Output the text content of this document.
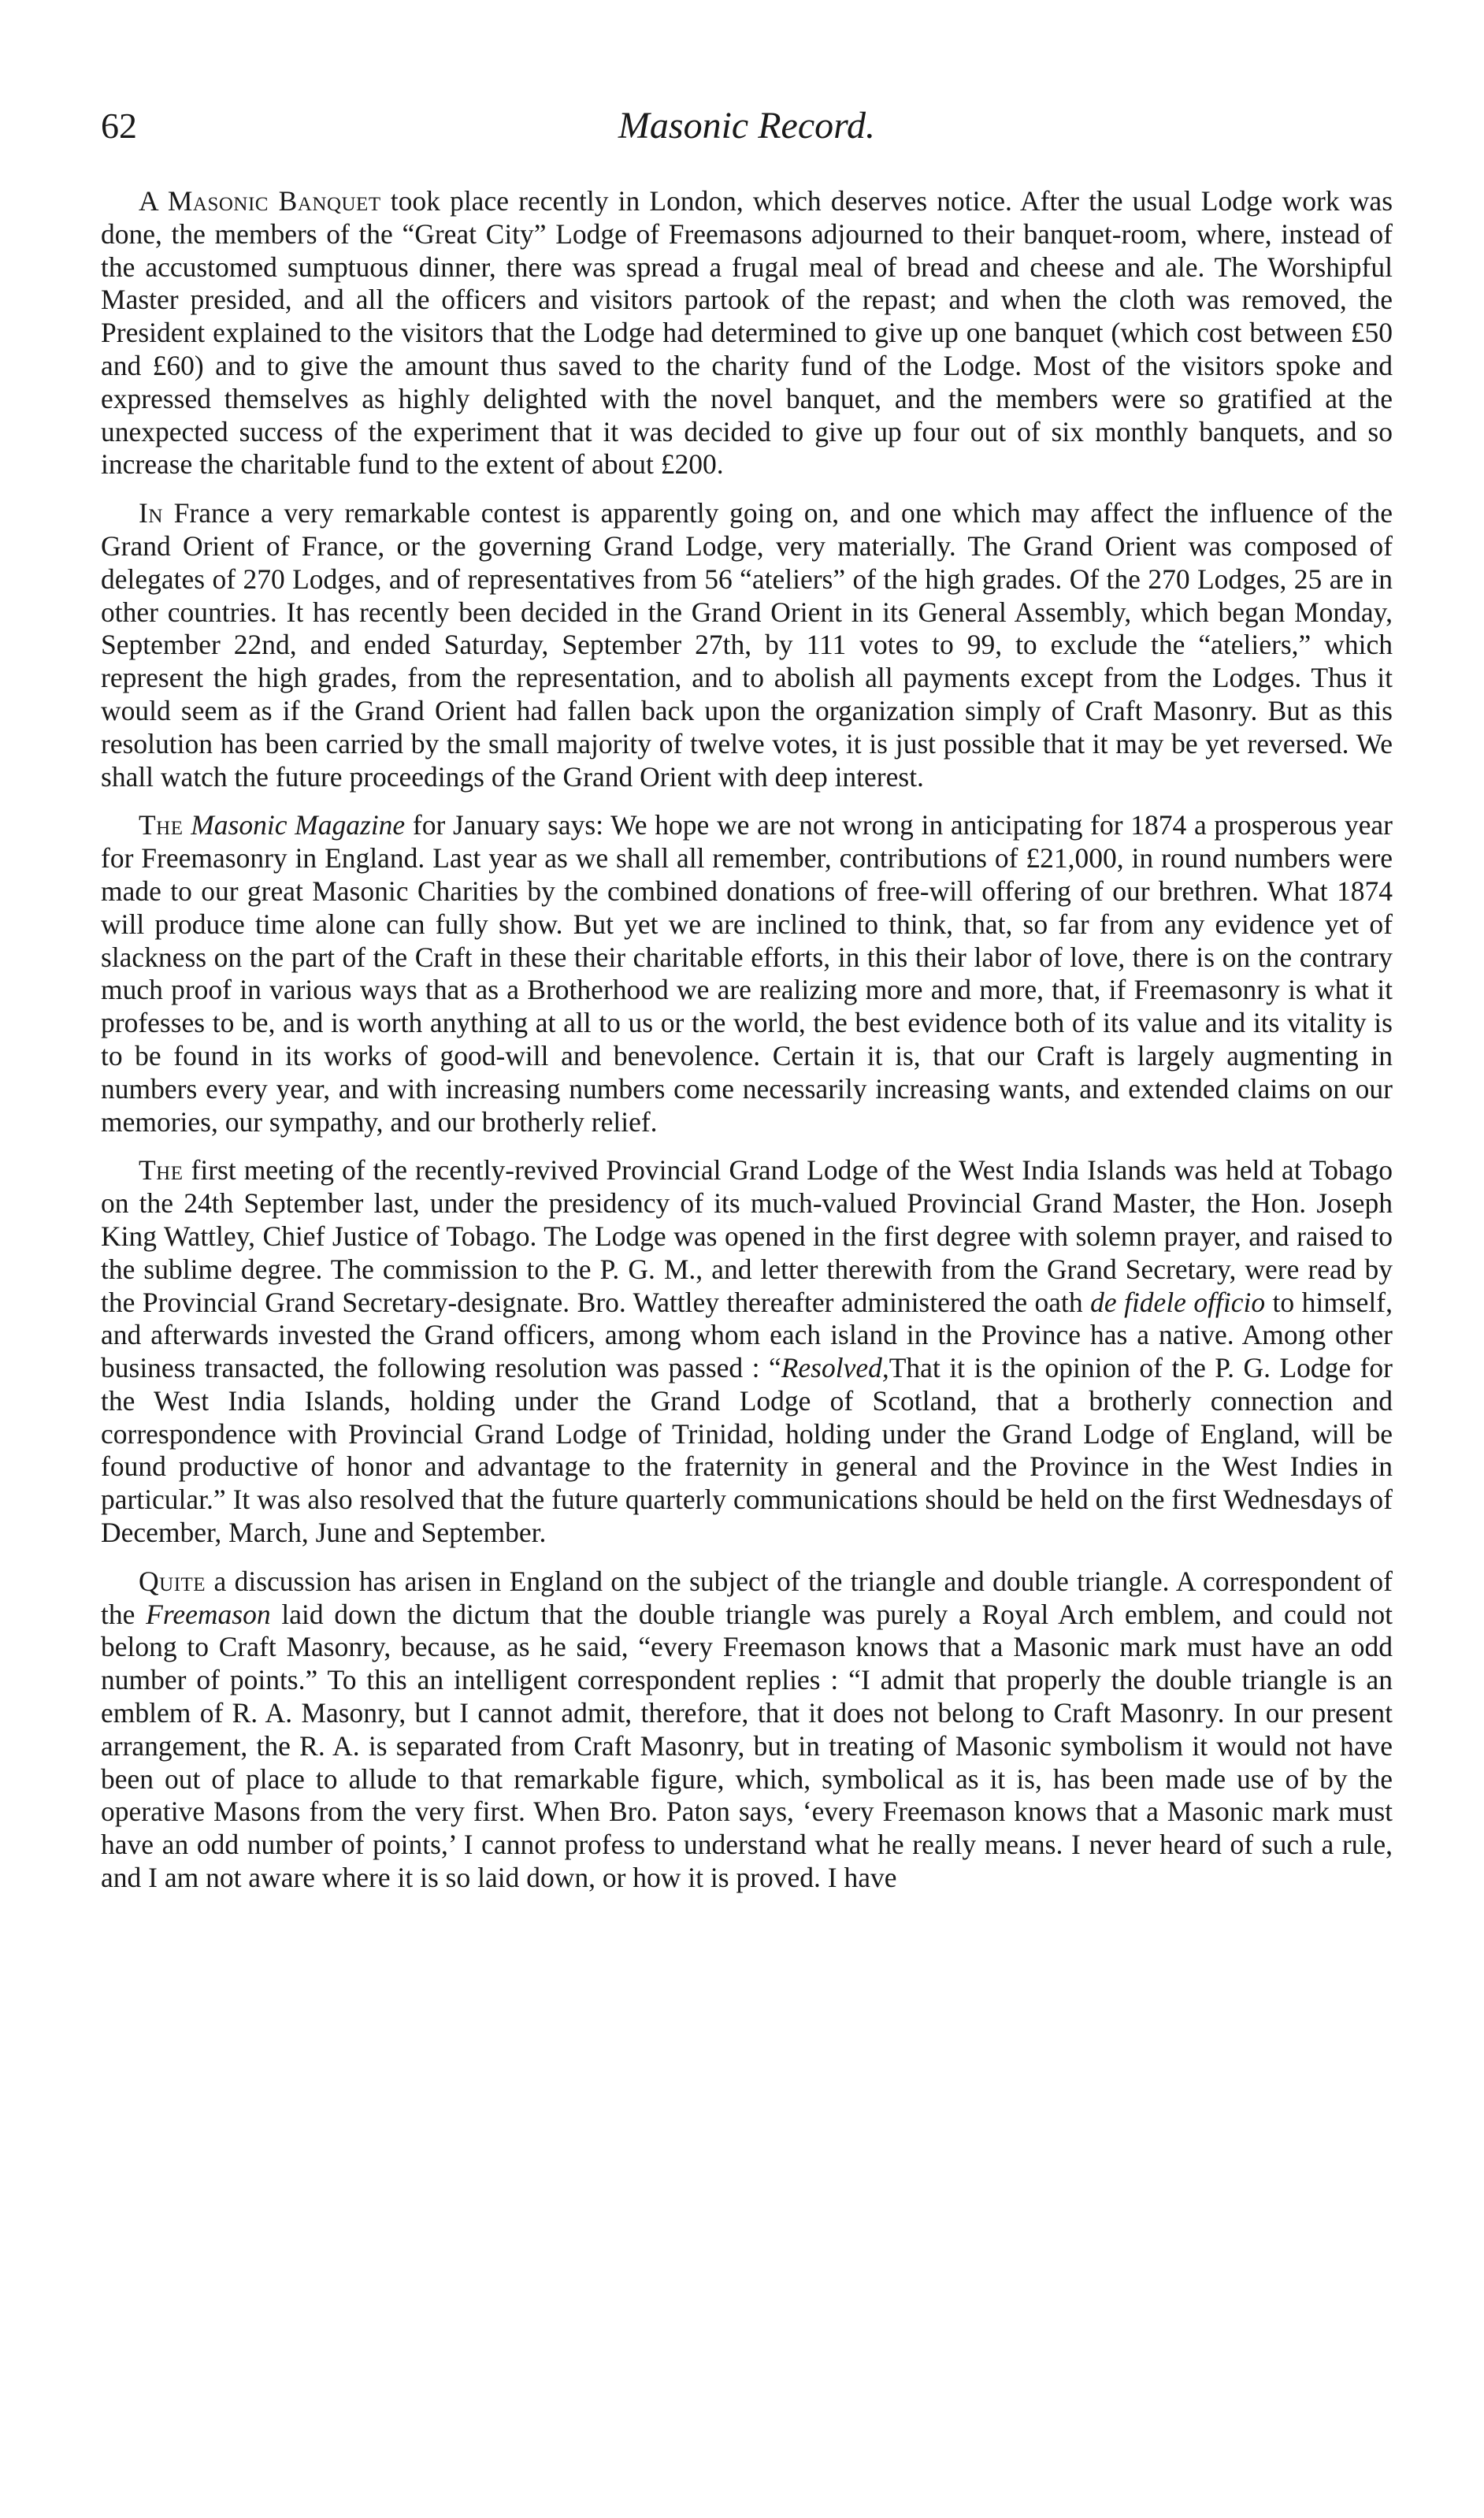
62	Masonic Record.

A Masonic Banquet took place recently in London, which deserves notice. After the usual Lodge work was done, the members of the “Great City” Lodge of Freemasons adjourned to their banquet-room, where, instead of the accustomed sumptuous dinner, there was spread a frugal meal of bread and cheese and ale. The Worshipful Master presided, and all the officers and visitors partook of the repast; and when the cloth was removed, the President explained to the visitors that the Lodge had determined to give up one banquet (which cost between £50 and £60) and to give the amount thus saved to the charity fund of the Lodge. Most of the visitors spoke and expressed themselves as highly delighted with the novel banquet, and the members were so gratified at the unexpected success of the experiment that it was decided to give up four out of six monthly banquets, and so increase the charitable fund to the extent of about £200.

In France a very remarkable contest is apparently going on, and one which may affect the influence of the Grand Orient of France, or the governing Grand Lodge, very materially. The Grand Orient was composed of delegates of 270 Lodges, and of representatives from 56 “ateliers” of the high grades. Of the 270 Lodges, 25 are in other countries. It has recently been decided in the Grand Orient in its General Assembly, which began Monday, September 22nd, and ended Saturday, September 27th, by 111 votes to 99, to exclude the “ateliers,” which represent the high grades, from the representation, and to abolish all payments except from the Lodges. Thus it would seem as if the Grand Orient had fallen back upon the organization simply of Craft Masonry. But as this resolution has been carried by the small majority of twelve votes, it is just possible that it may be yet reversed. We shall watch the future proceedings of the Grand Orient with deep interest.

The Masonic Magazine for January says: We hope we are not wrong in anticipating for 1874 a prosperous year for Freemasonry in England. Last year as we shall all remember, contributions of £21,000, in round numbers were made to our great Masonic Charities by the combined donations of free-will offering of our brethren. What 1874 will produce time alone can fully show. But yet we are inclined to think, that, so far from any evidence yet of slackness on the part of the Craft in these their charitable efforts, in this their labor of love, there is on the contrary much proof in various ways that as a Brotherhood we are realizing more and more, that, if Freemasonry is what it professes to be, and is worth anything at all to us or the world, the best evidence both of its value and its vitality is to be found in its works of good-will and benevolence. Certain it is, that our Craft is largely augmenting in numbers every year, and with increasing numbers come necessarily increasing wants, and extended claims on our memories, our sympathy, and our brotherly relief.

The first meeting of the recently-revived Provincial Grand Lodge of the West India Islands was held at Tobago on the 24th September last, under the presidency of its much-valued Provincial Grand Master, the Hon. Joseph King Wattley, Chief Justice of Tobago. The Lodge was opened in the first degree with solemn prayer, and raised to the sublime degree. The commission to the P. G. M., and letter therewith from the Grand Secretary, were read by the Provincial Grand Secretary-designate. Bro. Wattley thereafter administered the oath de fidele officio to himself, and afterwards invested the Grand officers, among whom each island in the Province has a native. Among other business transacted, the following resolution was passed : “Resolved,That it is the opinion of the P. G. Lodge for the West India Islands, holding under the Grand Lodge of Scotland, that a brotherly connection and correspondence with Provincial Grand Lodge of Trinidad, holding under the Grand Lodge of England, will be found productive of honor and advantage to the fraternity in general and the Province in the West Indies in particular.” It was also resolved that the future quarterly communications should be held on the first Wednesdays of December, March, June and September.

Quite a discussion has arisen in England on the subject of the triangle and double triangle. A correspondent of the Freemason laid down the dictum that the double triangle was purely a Royal Arch emblem, and could not belong to Craft Masonry, because, as he said, “every Freemason knows that a Masonic mark must have an odd number of points.” To this an intelligent correspondent replies : “I admit that properly the double triangle is an emblem of R. A. Masonry, but I cannot admit, therefore, that it does not belong to Craft Masonry. In our present arrangement, the R. A. is separated from Craft Masonry, but in treating of Masonic symbolism it would not have been out of place to allude to that remarkable figure, which, symbolical as it is, has been made use of by the operative Masons from the very first. When Bro. Paton says, ‘every Freemason knows that a Masonic mark must have an odd number of points,’ I cannot profess to understand what he really means. I never heard of such a rule, and I am not aware where it is so laid down, or how it is proved. I have
